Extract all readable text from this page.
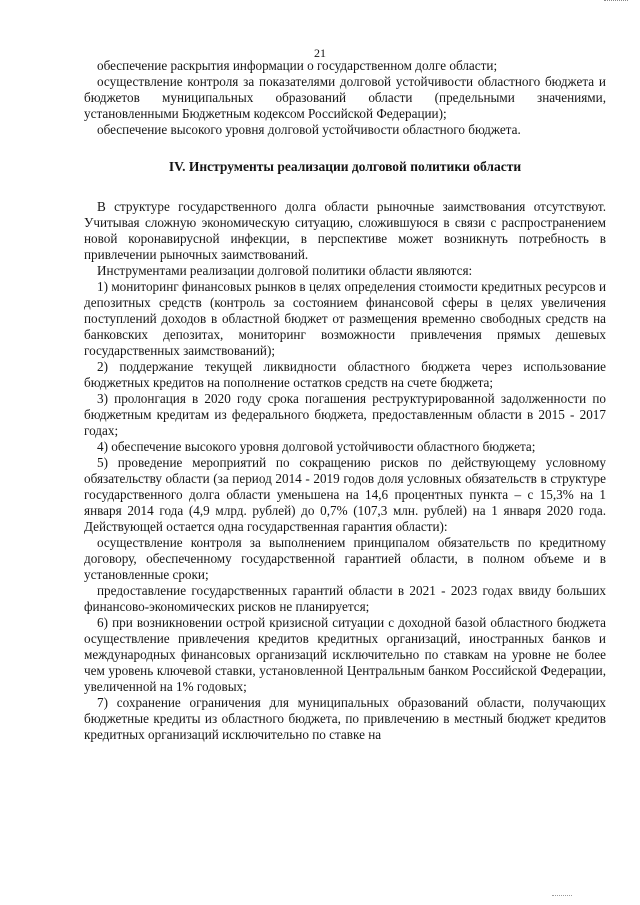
21

обеспечение раскрытия информации о государственном долге области;

осуществление контроля за показателями долговой устойчивости областного бюджета и бюджетов муниципальных образований области (предельными значениями, установленными Бюджетным кодексом Российской Федерации);

обеспечение высокого уровня долговой устойчивости областного бюджета.

IV. Инструменты реализации долговой политики области

В структуре государственного долга области рыночные заимствования отсутствуют. Учитывая сложную экономическую ситуацию, сложившуюся в связи с распространением новой коронавирусной инфекции, в перспективе может возникнуть потребность в привлечении рыночных заимствований.

Инструментами реализации долговой политики области являются:

1) мониторинг финансовых рынков в целях определения стоимости кредитных ресурсов и депозитных средств (контроль за состоянием финансовой сферы в целях увеличения поступлений доходов в областной бюджет от размещения временно свободных средств на банковских депозитах, мониторинг возможности привлечения прямых дешевых государственных заимствований);

2) поддержание текущей ликвидности областного бюджета через использование бюджетных кредитов на пополнение остатков средств на счете бюджета;

3) пролонгация в 2020 году срока погашения реструктурированной задолженности по бюджетным кредитам из федерального бюджета, предоставленным области в 2015 - 2017 годах;

4) обеспечение высокого уровня долговой устойчивости областного бюджета;

5) проведение мероприятий по сокращению рисков по действующему условному обязательству области (за период 2014 - 2019 годов доля условных обязательств в структуре государственного долга области уменьшена на 14,6 процентных пункта – с 15,3% на 1 января 2014 года (4,9 млрд. рублей) до 0,7% (107,3 млн. рублей) на 1 января 2020 года. Действующей остается одна государственная гарантия области):

осуществление контроля за выполнением принципалом обязательств по кредитному договору, обеспеченному государственной гарантией области, в полном объеме и в установленные сроки;

предоставление государственных гарантий области в 2021 - 2023 годах ввиду больших финансово-экономических рисков не планируется;

6) при возникновении острой кризисной ситуации с доходной базой областного бюджета осуществление привлечения кредитов кредитных организаций, иностранных банков и международных финансовых организаций исключительно по ставкам на уровне не более чем уровень ключевой ставки, установленной Центральным банком Российской Федерации, увеличенной на 1% годовых;

7) сохранение ограничения для муниципальных образований области, получающих бюджетные кредиты из областного бюджета, по привлечению в местный бюджет кредитов кредитных организаций исключительно по ставке на
